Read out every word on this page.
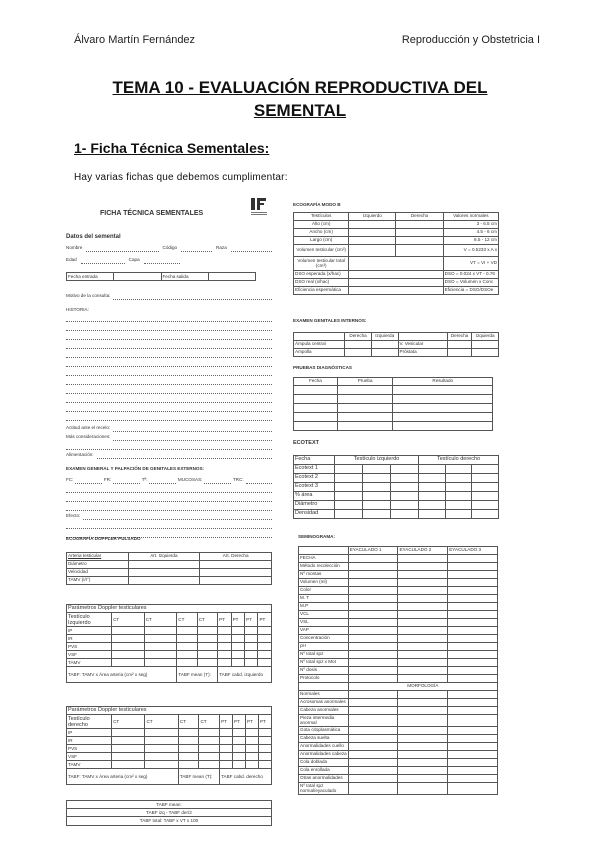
Álvaro Martín Fernández	Reproducción y Obstetricia I
TEMA 10 - EVALUACIÓN REPRODUCTIVA DEL
SEMENTAL
1- Ficha Técnica Sementales:
Hay varias fichas que debemos cumplimentar:
FICHA TÉCNICA SEMENTALES
Datos del semental
Nombre	Código	Raza
Edad	Capa
Fecha entrada		Fecha salida	
Motivo de la consulta:
HISTORIA:
Actitud ante el recelo:
Más consideraciones:
Alimentación:
EXAMEN GENERAL Y PALPACIÓN DE GENITALES EXTERNOS:
FC:	FR:	Tª:	MUCOSAS:	TRC:
Efecto:
ECOGRAFÍA DOPPLER PULSADO
Arteria testicular	Art. Izquierda	Art. Derecha
Diámetro		
Velocidad		
TAMV (I/I°)		
Parámetros Doppler testiculares								
Testículo Izquierdo	CT	CT	CT	CT	PT	PT	PT	PT
IP								
IR								
PVS								
VSF								
TAMV								
TABF: TAMV x Área arteria (cm² x seg)			TABF mean (T):		TABF cabd. izquierdo			
Parámetros Doppler testiculares								
Testículo derecho	CT	CT	CT	CT	PT	PT	PT	PT
IP								
IR								
PVS								
VSF								
TAMV								
TABF: TAMV x Área arteria (cm² x seg)			TABF mean (T):		TABF cabd. derecho			
TABF mean:
TABF izq - TABF der/2
TABF total: TABF x VT x 100
ECOGRAFÍA MODO B
Testículos	Izquierdo	Derecho	Valores normales
Alto (cm)			3 - 6.5 cm
Ancho (cm)			4.5 - 6 cm
Largo (cm)			8.5 - 12 cm
Volumen testicular (cm³)			V = 0.5233 x A x
Volumen testicular total (cm³)			VT = VI + VD
DSO esperada (x/hac)			DSO = 0.024 x VT - 0.76
DSO real (x/hac)			DSO = Volumen x Conc
Eficiencia espermática			Eficiencia = DSO/DSOe
EXAMEN GENITALES INTERNOS:
	Derecha	Izquierda		Derecha	Izquierda
Ámpula central			V. Vesicular		
Ampolla			Próstata		
PRUEBAS DIAGNÓSTICAS
Fecha	Prueba	Resultado

ECOTEXT
Fecha	Testículo izquierdo			Testículo derecho		
Ecotext 1						
Ecotext 2						
Ecotext 3						
% área						
Diámetro						
Densidad						
SEMINOGRAMA:
	EYACULADO 1	EYACULADO 2	EYACULADO 3
FECHA			
Método recolección			
Nº montas			
Volumen (ml)			
Color			
M. T			
M.P			
VCL			
VSL			
VAP			
Concentración			
pH			
Nº total spz			
Nº total spz x Mot			
Nº dosis			
Protocolo			
	MORFOLOGÍA		
Normales			
Acrosomas anormales			
Cabeza anormales			
Pieza intermedia anormal			
Gota citoplasmática			
Cabeza suelta			
Anormalidades cuello			
Anormalidades cabeza			
Cola doblada			
Cola enrollada			
Otras anormalidades			
Nº total spz normal/eyaculado			
